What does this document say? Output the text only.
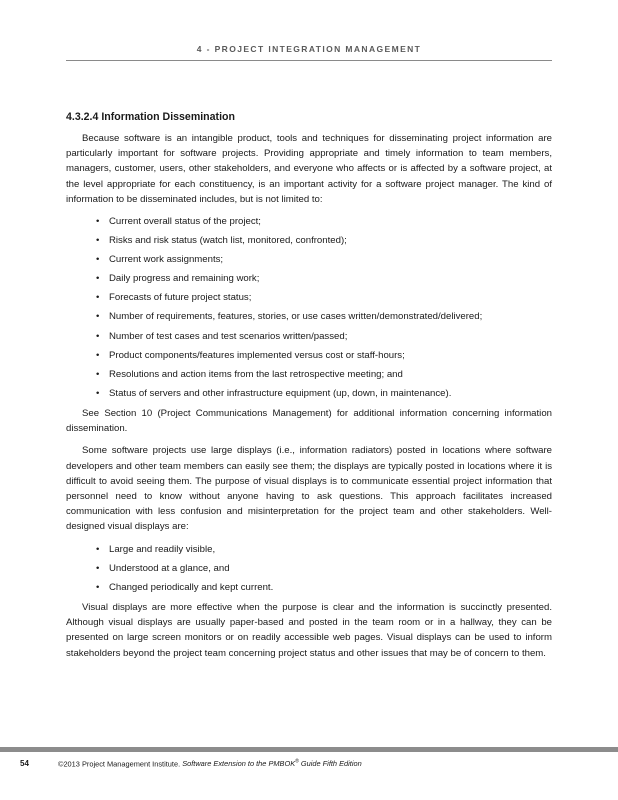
4 - PROJECT INTEGRATION MANAGEMENT
4.3.2.4 Information Dissemination

Because software is an intangible product, tools and techniques for disseminating project information are particularly important for software projects. Providing appropriate and timely information to team members, managers, customer, users, other stakeholders, and everyone who affects or is affected by a software project, at the level appropriate for each constituency, is an important activity for a software project manager. The kind of information to be disseminated includes, but is not limited to:

• Current overall status of the project;
• Risks and risk status (watch list, monitored, confronted);
• Current work assignments;
• Daily progress and remaining work;
• Forecasts of future project status;
• Number of requirements, features, stories, or use cases written/demonstrated/delivered;
• Number of test cases and test scenarios written/passed;
• Product components/features implemented versus cost or staff-hours;
• Resolutions and action items from the last retrospective meeting; and
• Status of servers and other infrastructure equipment (up, down, in maintenance).

See Section 10 (Project Communications Management) for additional information concerning information dissemination.

Some software projects use large displays (i.e., information radiators) posted in locations where software developers and other team members can easily see them; the displays are typically posted in locations where it is difficult to avoid seeing them. The purpose of visual displays is to communicate essential project information that personnel need to know without anyone having to ask questions. This approach facilitates increased communication with less confusion and misinterpretation for the project team and other stakeholders. Well-designed visual displays are:

• Large and readily visible,
• Understood at a glance, and
• Changed periodically and kept current.

Visual displays are more effective when the purpose is clear and the information is succinctly presented. Although visual displays are usually paper-based and posted in the team room or in a hallway, they can be presented on large screen monitors or on readily accessible web pages. Visual displays can be used to inform stakeholders beyond the project team concerning project status and other issues that may be of concern to them.

54	©2013 Project Management Institute. Software Extension to the PMBOK® Guide Fifth Edition
